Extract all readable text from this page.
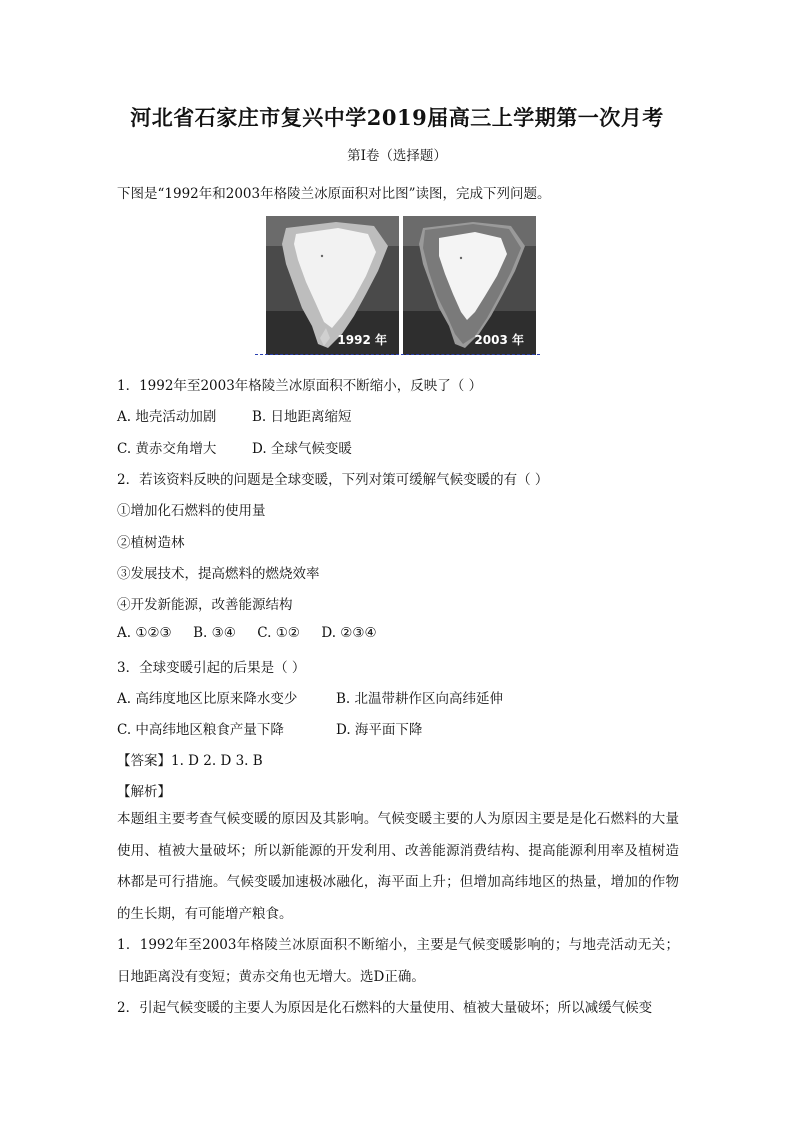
河北省石家庄市复兴中学2019届高三上学期第一次月考
第I卷（选择题）
下图是“1992年和2003年格陵兰冰原面积对比图”读图，完成下列问题。
1992 年	2003 年
1．1992年至2003年格陵兰冰原面积不断缩小，反映了（ ）
A. 地壳活动加剧	B. 日地距离缩短
C. 黄赤交角增大	D. 全球气候变暖
2．若该资料反映的问题是全球变暖，下列对策可缓解气候变暖的有（ ）
①增加化石燃料的使用量
②植树造林
③发展技术，提高燃料的燃烧效率
④开发新能源，改善能源结构
A. ①②③     B. ③④     C. ①②     D. ②③④
3．全球变暖引起的后果是（ ）
A. 高纬度地区比原来降水变少	B. 北温带耕作区向高纬延伸
C. 中高纬地区粮食产量下降	D. 海平面下降
【答案】1. D 2. D 3. B
【解析】
本题组主要考查气候变暖的原因及其影响。气候变暖主要的人为原因主要是是化石燃料的大量使用、植被大量破坏；所以新能源的开发利用、改善能源消费结构、提高能源利用率及植树造林都是可行措施。气候变暖加速极冰融化，海平面上升；但增加高纬地区的热量，增加的作物的生长期，有可能增产粮食。
1．1992年至2003年格陵兰冰原面积不断缩小，主要是气候变暖影响的；与地壳活动无关；日地距离没有变短；黄赤交角也无增大。选D正确。
2．引起气候变暖的主要人为原因是化石燃料的大量使用、植被大量破坏；所以减缓气候变
